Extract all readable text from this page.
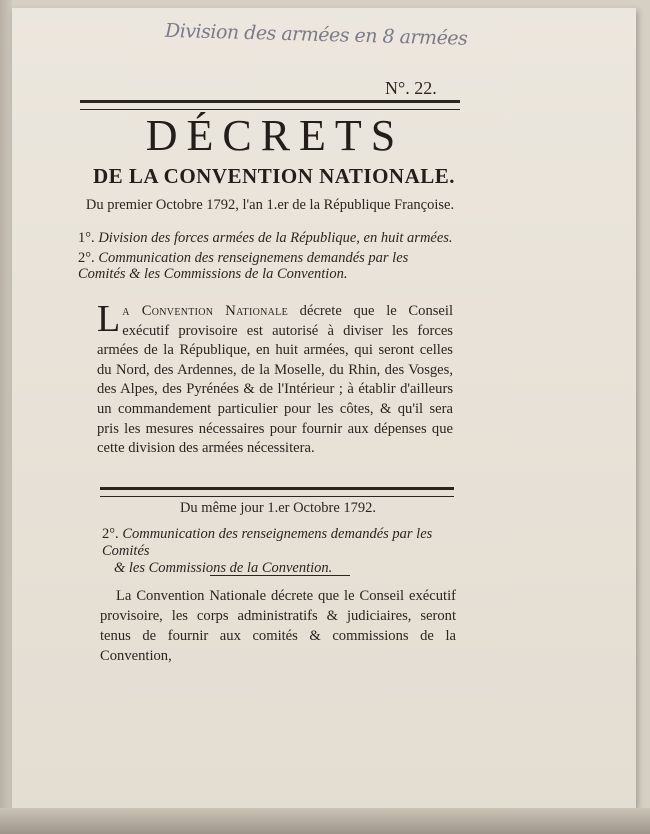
Division des armées en 8 armées
N°. 22.
DÉCRETS
DE LA CONVENTION NATIONALE.
Du premier Octobre 1792, l'an 1.er de la République Françoise.
1°. Division des forces armées de la République, en huit armées.
2°. Communication des renseignemens demandés par les Comités & les Commissions de la Convention.
La Convention Nationale décrete que le Conseil exécutif provisoire est autorisé à diviser les forces armées de la République, en huit armées, qui seront celles du Nord, des Ardennes, de la Moselle, du Rhin, des Vosges, des Alpes, des Pyrénées & de l'Intérieur ; à établir d'ailleurs un commandement particulier pour les côtes, & qu'il sera pris les mesures nécessaires pour fournir aux dépenses que cette division des armées nécessitera.
Du même jour 1.er Octobre 1792.
2°. Communication des renseignemens demandés par les Comités
& les Commissions de la Convention.
La Convention Nationale décrete que le Conseil exécutif provisoire, les corps administratifs & judiciaires, seront tenus de fournir aux comités & commissions de la Convention,
